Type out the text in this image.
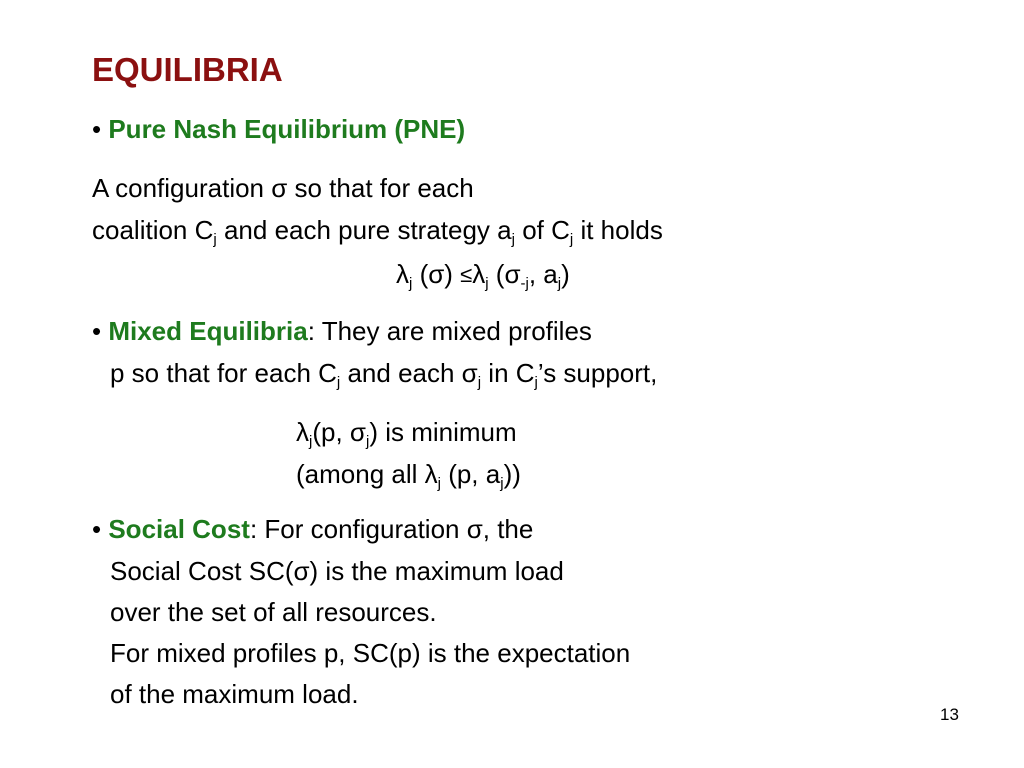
EQUILIBRIA
• Pure Nash Equilibrium (PNE)
A configuration σ so that for each
coalition $C_j$ and each pure strategy $a_j$ of $C_j$ it holds
$\lambda_j$ $(\sigma) \le\lambda_j$ ($\sigma_{-j}$, $a_j$)
• Mixed Equilibria: They are mixed profiles
p so that for each $C_j$ and each $\sigma_j$ in $C_j’s$ support,
$\lambda_j(p$, $\sigma_j$) is minimum
(among all $\lambda_j$ (p, $a_j$))
• Social Cost: For configuration σ, the
Social Cost SC(σ) is the maximum load
over the set of all resources.
For mixed profiles p, SC(p) is the expectation
of the maximum load.
13
